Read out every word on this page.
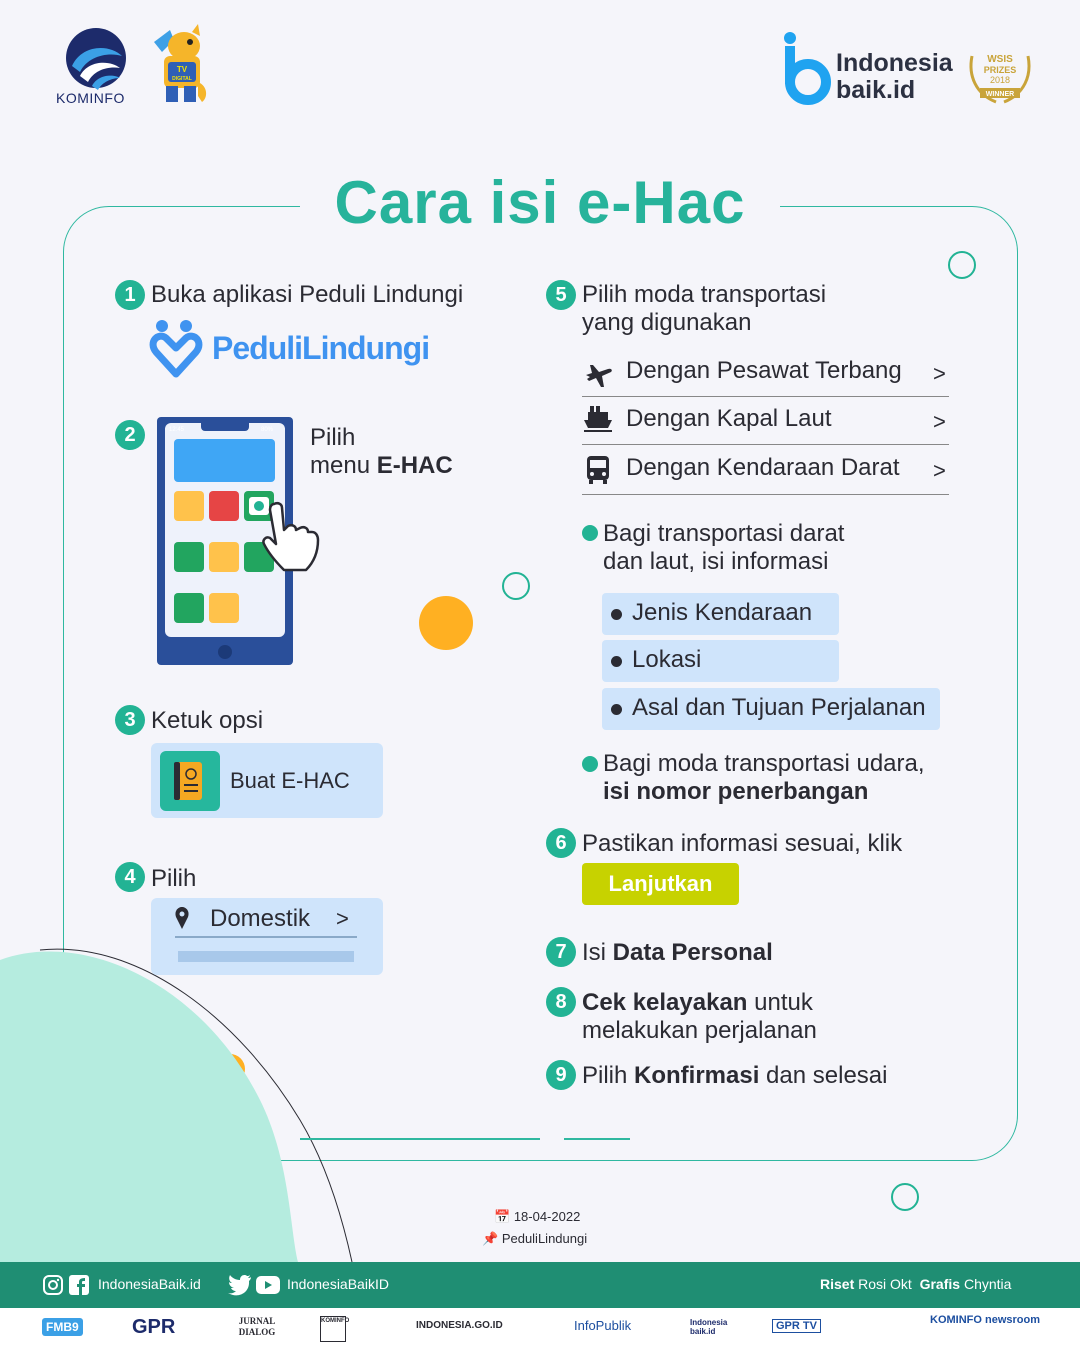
KOMINFO
TV
DIGITAL
Indonesia
baik.id
WSIS
PRIZES
2018
WINNER
Cara isi e-Hac
1 Buka aplikasi Peduli Lindungi
PeduliLindungi
2	12:45	80% Pilih
menu E-HAC
3 Ketuk opsi
Buat E-HAC
4 Pilih
Domestik >
5 Pilih moda transportasi
yang digunakan
Dengan Pesawat Terbang >
Dengan Kapal Laut	>
Dengan Kendaraan Darat >
Bagi transportasi darat
dan laut, isi informasi
Jenis Kendaraan
Lokasi
Asal dan Tujuan Perjalanan
Bagi moda transportasi udara,
isi nomor penerbangan
6 Pastikan informasi sesuai, klik
Lanjutkan
7 Isi Data Personal
8 Cek kelayakan untuk
melakukan perjalanan
9 Pilih Konfirmasi dan selesai
📅 18-04-2022
📌 PeduliLindungi
IndonesiaBaik.id	IndonesiaBaikID	Riset Rosi Okt Grafis Chyntia
FMB9	GPR	JURNAL DIALOG
KOMINFO	INDONESIA.GO.ID	InfoPublik	Indonesia baik.id	GPR TV	KOMINFO newsroom
